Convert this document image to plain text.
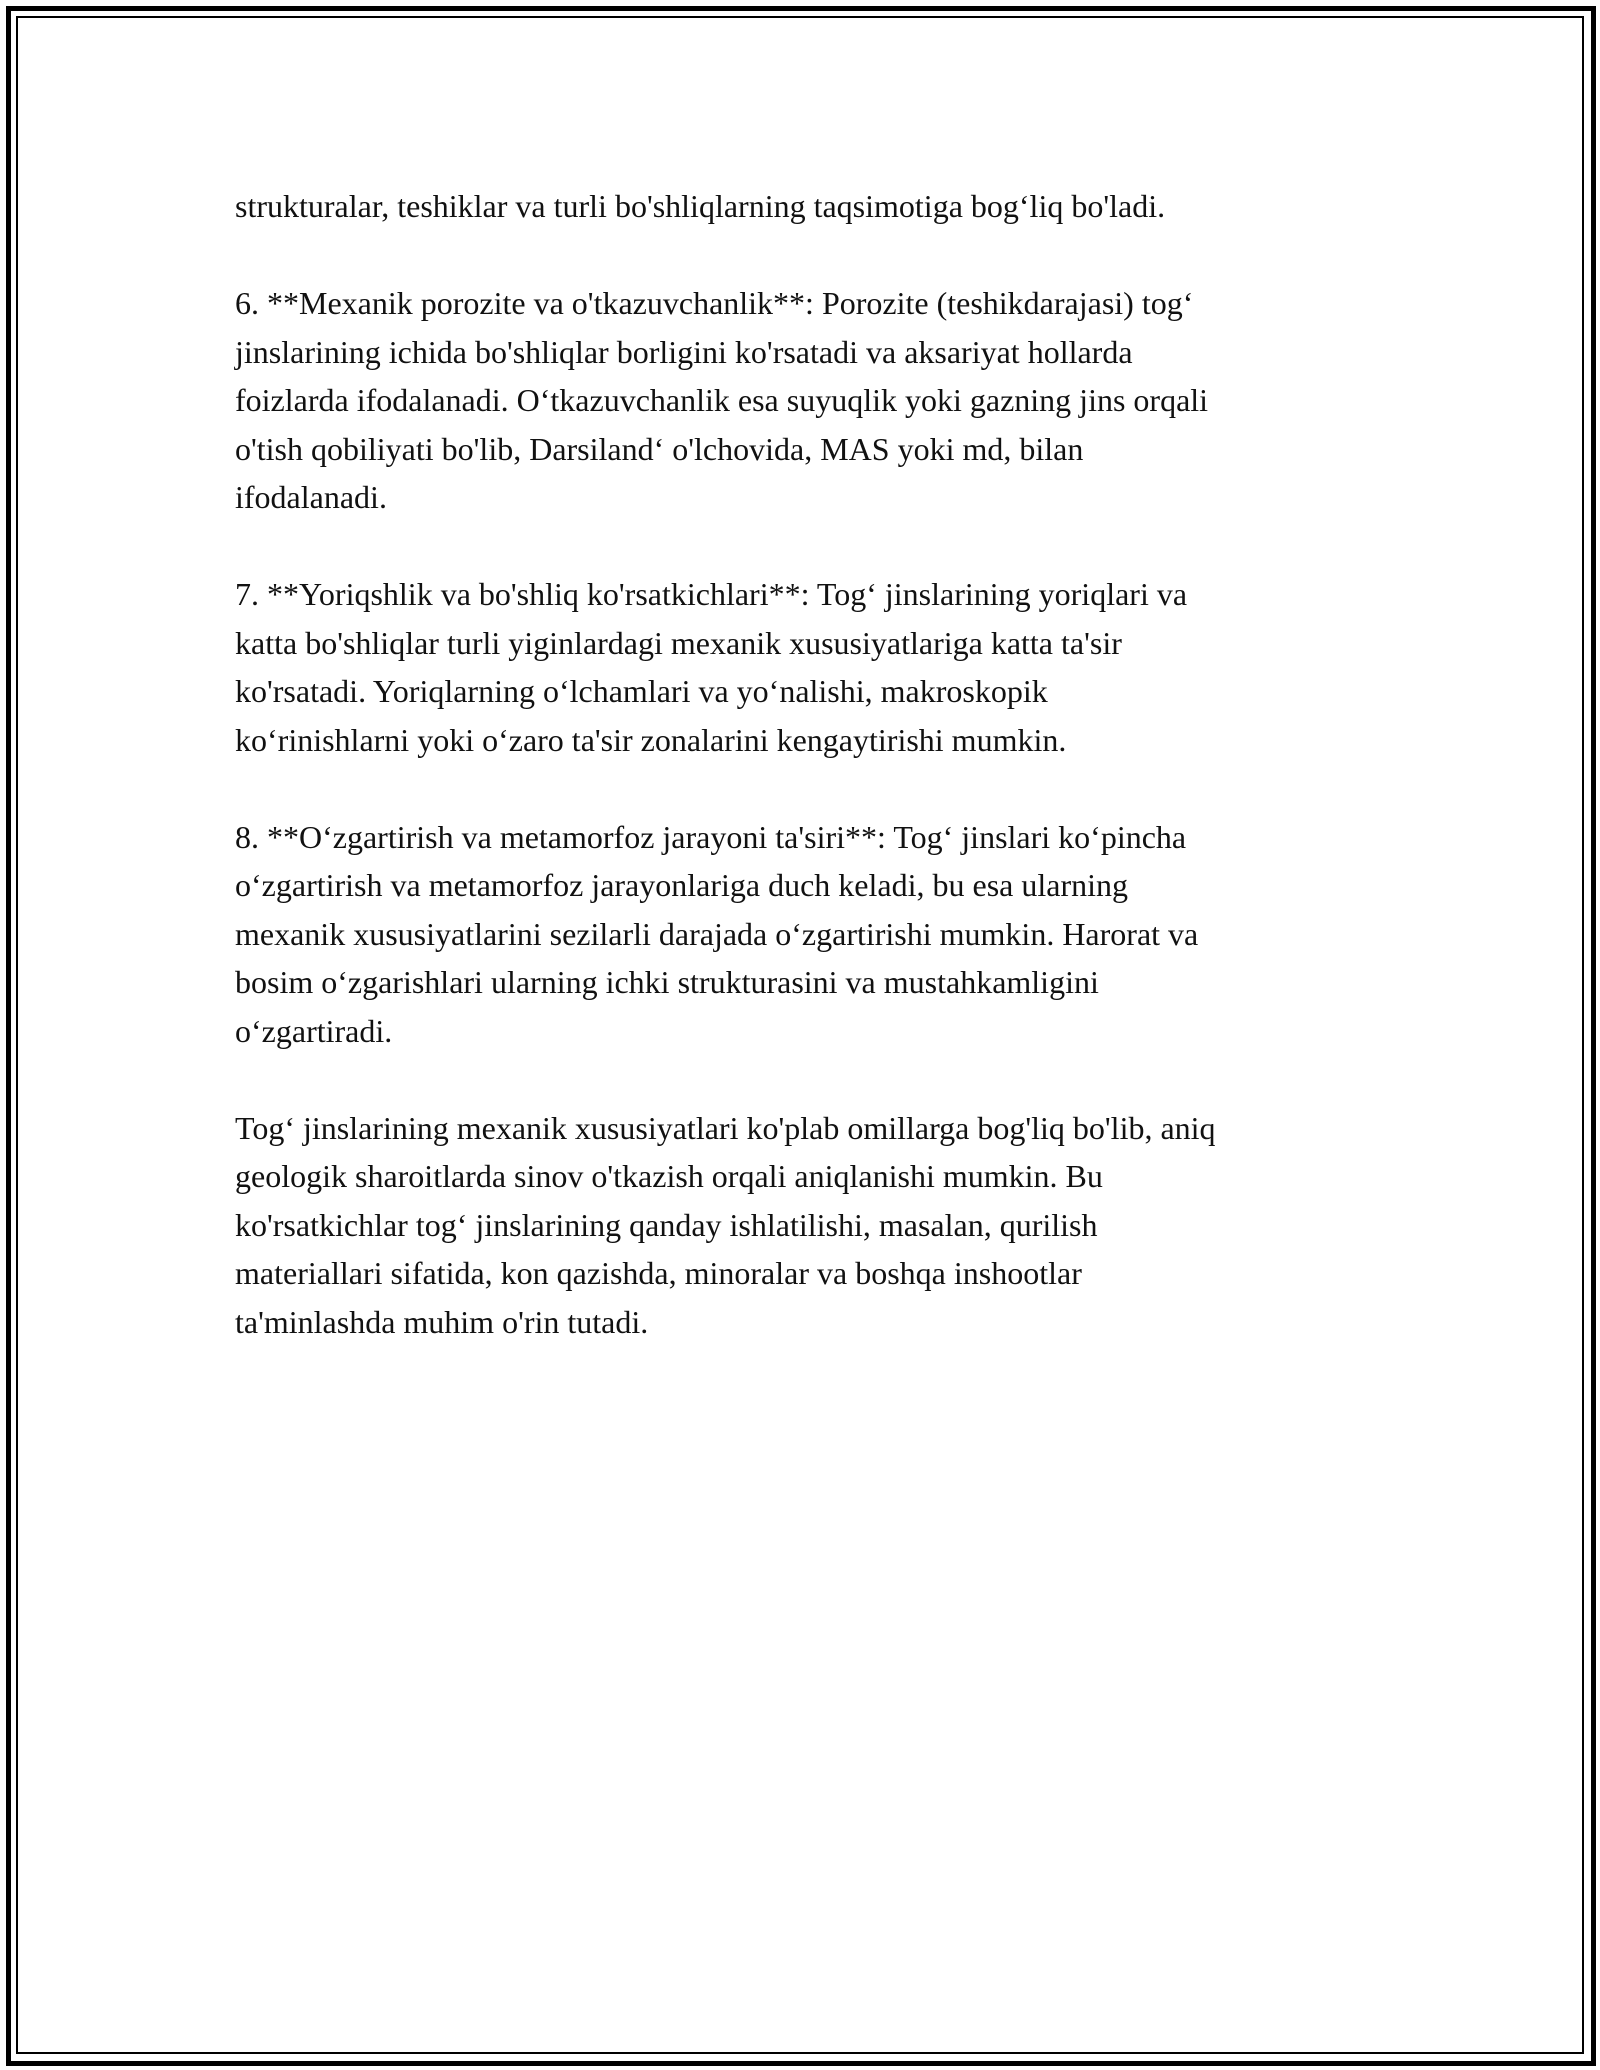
strukturalar, teshiklar va turli bo'shliqlarning taqsimotiga bog‘liq bo'ladi.

6. **Mexanik porozite va o'tkazuvchanlik**: Porozite (teshikdarajasi) tog‘
jinslarining ichida bo'shliqlar borligini ko'rsatadi va aksariyat hollarda
foizlarda ifodalanadi. O‘tkazuvchanlik esa suyuqlik yoki gazning jins orqali
o'tish qobiliyati bo'lib, Darsiland‘ o'lchovida, MAS yoki md, bilan
ifodalanadi.

7. **Yoriqshlik va bo'shliq ko'rsatkichlari**: Tog‘ jinslarining yoriqlari va
katta bo'shliqlar turli yiginlardagi mexanik xususiyatlariga katta ta'sir
ko'rsatadi. Yoriqlarning o‘lchamlari va yo‘nalishi, makroskopik
ko‘rinishlarni yoki o‘zaro ta'sir zonalarini kengaytirishi mumkin.

8. **O‘zgartirish va metamorfoz jarayoni ta'siri**: Tog‘ jinslari ko‘pincha
o‘zgartirish va metamorfoz jarayonlariga duch keladi, bu esa ularning
mexanik xususiyatlarini sezilarli darajada o‘zgartirishi mumkin. Harorat va
bosim o‘zgarishlari ularning ichki strukturasini va mustahkamligini
o‘zgartiradi.

Tog‘ jinslarining mexanik xususiyatlari ko'plab omillarga bog'liq bo'lib, aniq
geologik sharoitlarda sinov o'tkazish orqali aniqlanishi mumkin. Bu
ko'rsatkichlar tog‘ jinslarining qanday ishlatilishi, masalan, qurilish
materiallari sifatida, kon qazishda, minoralar va boshqa inshootlar
ta'minlashda muhim o'rin tutadi.
